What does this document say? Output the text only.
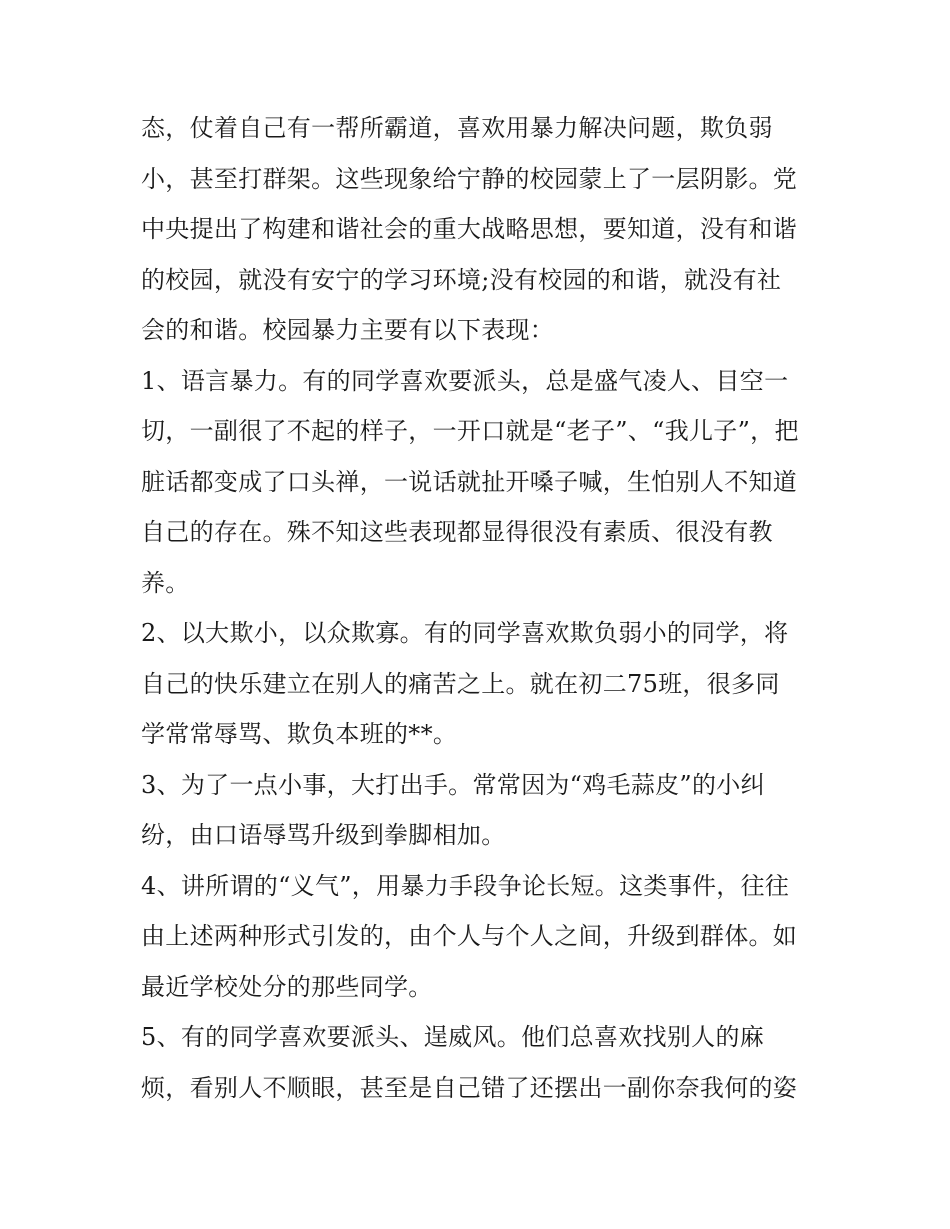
态，仗着自己有一帮所霸道，喜欢用暴力解决问题，欺负弱
小，甚至打群架。这些现象给宁静的校园蒙上了一层阴影。党
中央提出了构建和谐社会的重大战略思想，要知道，没有和谐
的校园，就没有安宁的学习环境;没有校园的和谐，就没有社
会的和谐。校园暴力主要有以下表现：
1、语言暴力。有的同学喜欢要派头，总是盛气凌人、目空一
切，一副很了不起的样子，一开口就是“老子”、“我儿子”，把
脏话都变成了口头禅，一说话就扯开嗓子喊，生怕别人不知道
自己的存在。殊不知这些表现都显得很没有素质、很没有教
养。
2、以大欺小，以众欺寡。有的同学喜欢欺负弱小的同学，将
自己的快乐建立在别人的痛苦之上。就在初二75班，很多同
学常常辱骂、欺负本班的**。
3、为了一点小事，大打出手。常常因为“鸡毛蒜皮”的小纠
纷，由口语辱骂升级到拳脚相加。
4、讲所谓的“义气”，用暴力手段争论长短。这类事件，往往
由上述两种形式引发的，由个人与个人之间，升级到群体。如
最近学校处分的那些同学。
5、有的同学喜欢要派头、逞威风。他们总喜欢找别人的麻
烦，看别人不顺眼，甚至是自己错了还摆出一副你奈我何的姿
